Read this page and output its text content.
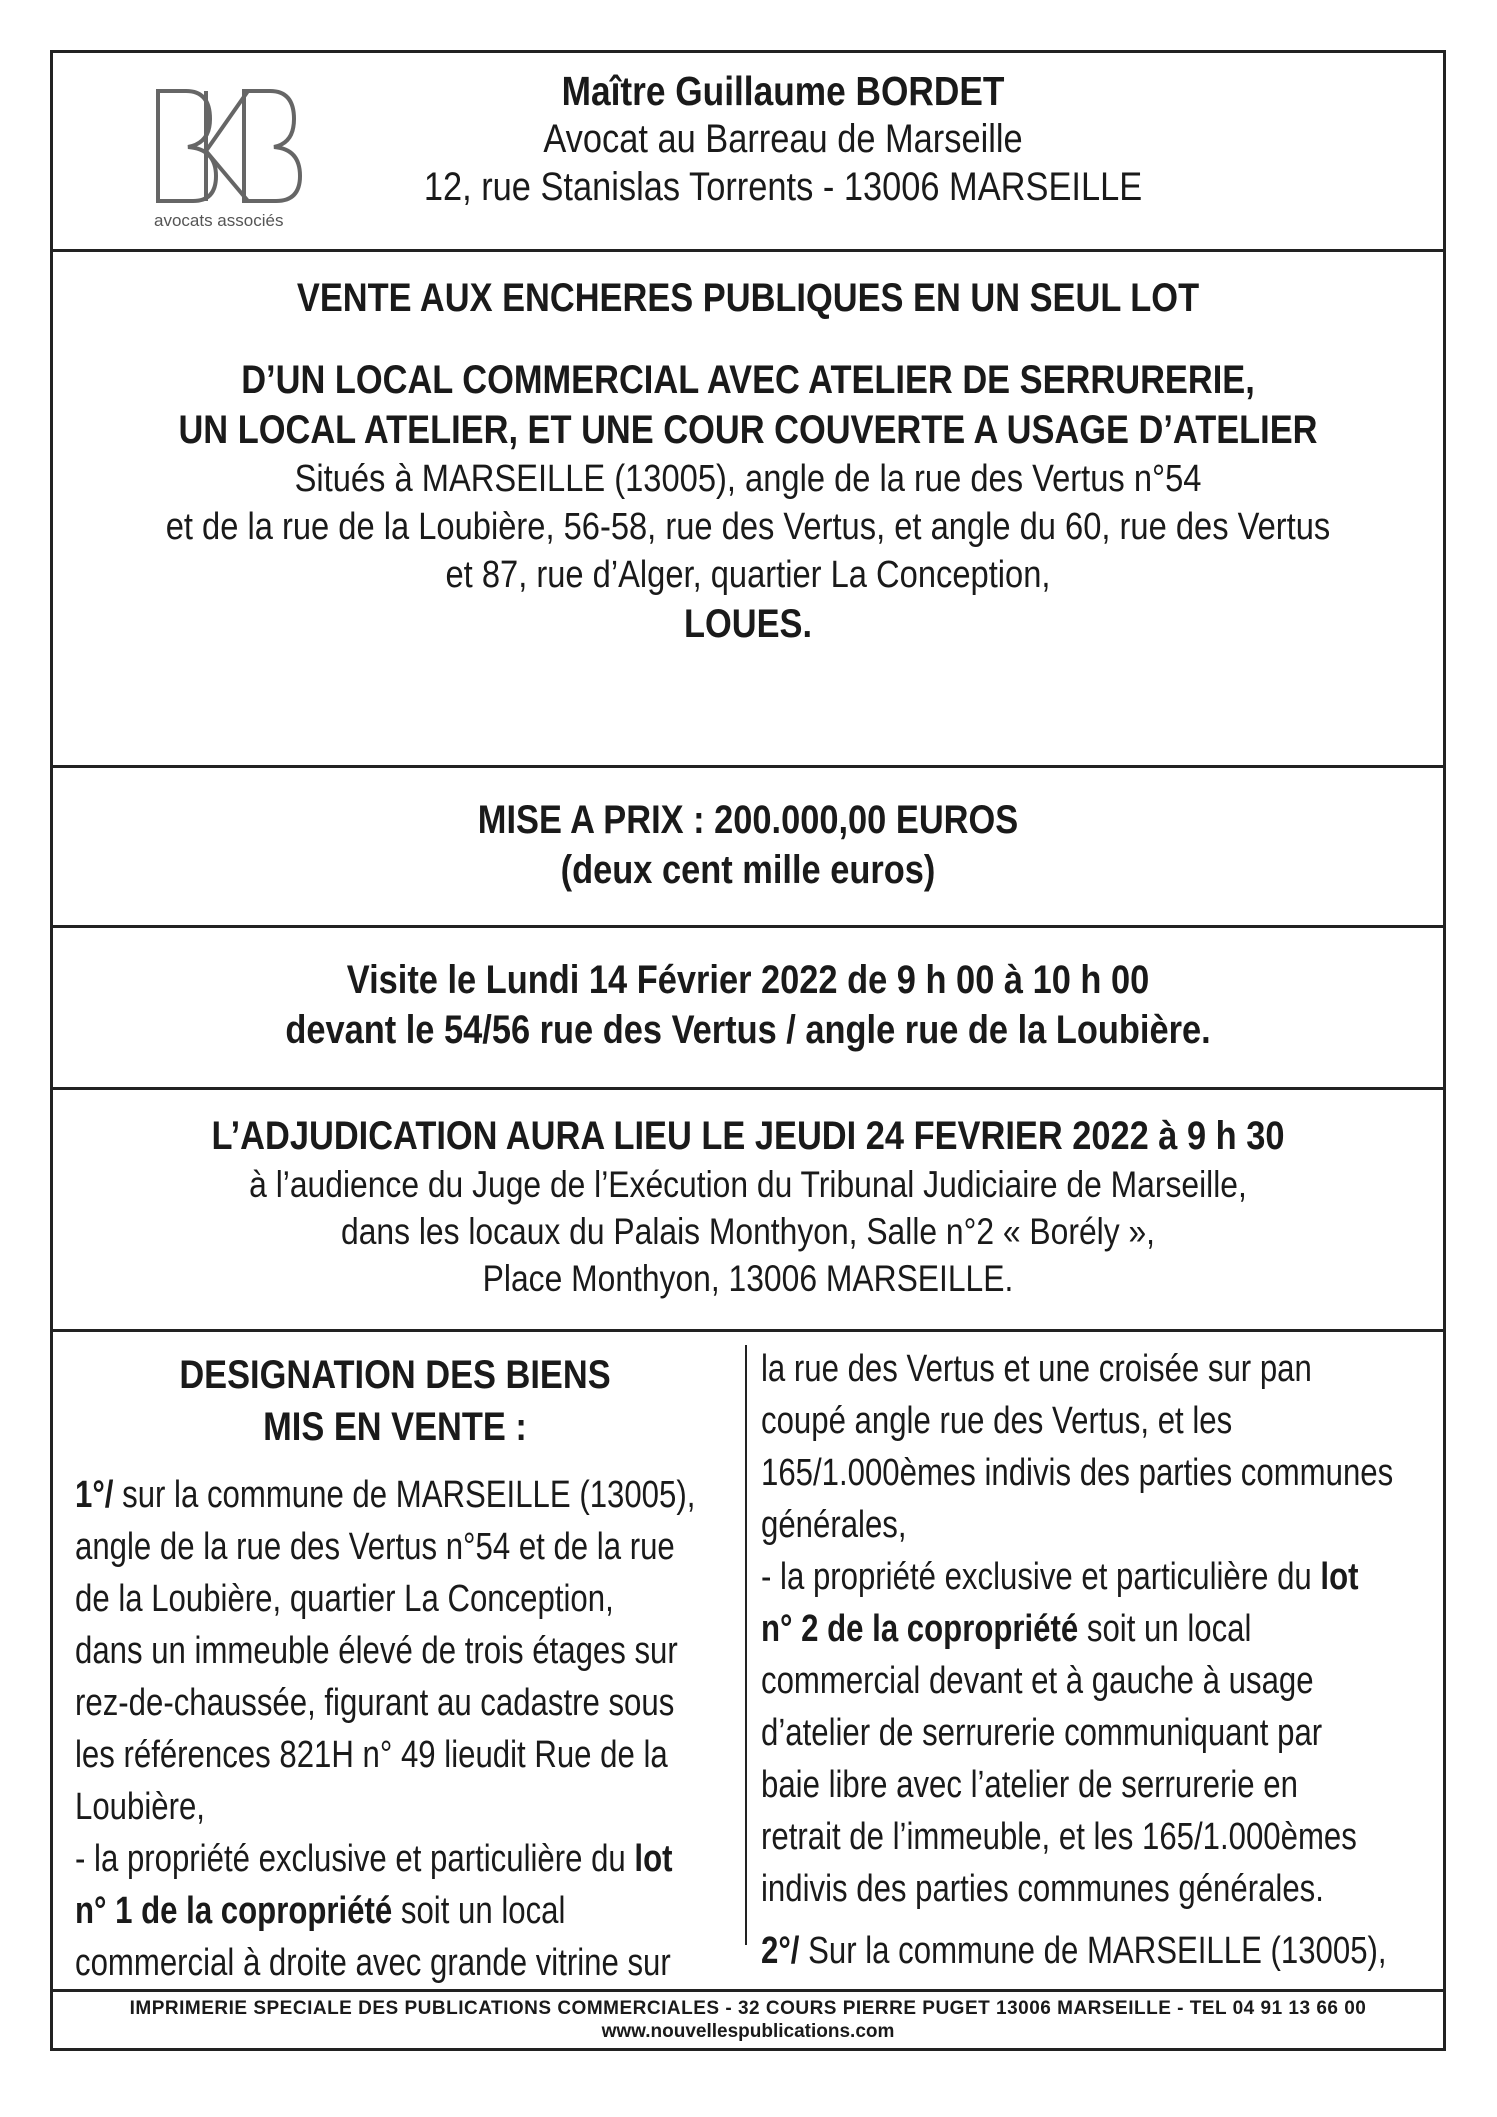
avocats associés
Maître Guillaume BORDET
Avocat au Barreau de Marseille
12, rue Stanislas Torrents - 13006 MARSEILLE
VENTE AUX ENCHERES PUBLIQUES EN UN SEUL LOT
D’UN LOCAL COMMERCIAL AVEC ATELIER DE SERRURERIE,
UN LOCAL ATELIER, ET UNE COUR COUVERTE A USAGE D’ATELIER
Situés à MARSEILLE (13005), angle de la rue des Vertus n°54
et de la rue de la Loubière, 56-58, rue des Vertus, et angle du 60, rue des Vertus
et 87, rue d’Alger, quartier La Conception,
LOUES.
MISE A PRIX : 200.000,00 EUROS
(deux cent mille euros)
Visite le Lundi 14 Février 2022 de 9 h 00 à 10 h 00
devant le 54/56 rue des Vertus / angle rue de la Loubière.
L’ADJUDICATION AURA LIEU LE JEUDI 24 FEVRIER 2022 à 9 h 30
à l’audience du Juge de l’Exécution du Tribunal Judiciaire de Marseille,
dans les locaux du Palais Monthyon, Salle n°2 « Borély »,
Place Monthyon, 13006 MARSEILLE.
DESIGNATION DES BIENS
MIS EN VENTE :
1°/ sur la commune de MARSEILLE (13005),
angle de la rue des Vertus n°54 et de la rue
de la Loubière, quartier La Conception,
dans un immeuble élevé de trois étages sur
rez-de-chaussée, figurant au cadastre sous
les références 821H n° 49 lieudit Rue de la
Loubière,
- la propriété exclusive et particulière du lot
n° 1 de la copropriété soit un local
commercial à droite avec grande vitrine sur
la rue des Vertus et une croisée sur pan
coupé angle rue des Vertus, et les
165/1.000èmes indivis des parties communes
générales,
- la propriété exclusive et particulière du lot
n° 2 de la copropriété soit un local
commercial devant et à gauche à usage
d’atelier de serrurerie communiquant par
baie libre avec l’atelier de serrurerie en
retrait de l’immeuble, et les 165/1.000èmes
indivis des parties communes générales.
2°/ Sur la commune de MARSEILLE (13005),
IMPRIMERIE SPECIALE DES PUBLICATIONS COMMERCIALES - 32 COURS PIERRE PUGET 13006 MARSEILLE - TEL 04 91 13 66 00
www.nouvellespublications.com
